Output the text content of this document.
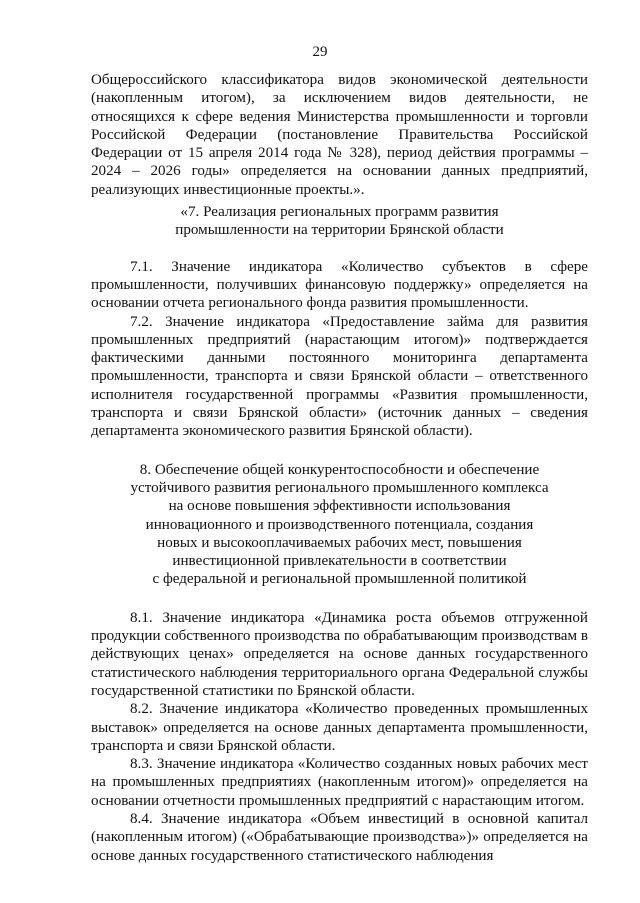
29

Общероссийского классификатора видов экономической деятельности (накопленным итогом), за исключением видов деятельности, не относящихся к сфере ведения Министерства промышленности и торговли Российской Федерации (постановление Правительства Российской Федерации от 15 апреля 2014 года № 328), период действия программы – 2024 – 2026 годы» определяется на основании данных предприятий, реализующих инвестиционные проекты.».

«7. Реализация региональных программ развития
промышленности на территории Брянской области

7.1. Значение индикатора «Количество субъектов в сфере промышленности, получивших финансовую поддержку» определяется на основании отчета регионального фонда развития промышленности.

7.2. Значение индикатора «Предоставление займа для развития промышленных предприятий (нарастающим итогом)» подтверждается фактическими данными постоянного мониторинга департамента промышленности, транспорта и связи Брянской области – ответственного исполнителя государственной программы «Развития промышленности, транспорта и связи Брянской области» (источник данных – сведения департамента экономического развития Брянской области).

8. Обеспечение общей конкурентоспособности и обеспечение
устойчивого развития регионального промышленного комплекса
на основе повышения эффективности использования
инновационного и производственного потенциала, создания
новых и высокооплачиваемых рабочих мест, повышения
инвестиционной привлекательности в соответствии
с федеральной и региональной промышленной политикой

8.1. Значение индикатора «Динамика роста объемов отгруженной продукции собственного производства по обрабатывающим производствам в действующих ценах» определяется на основе данных государственного статистического наблюдения территориального органа Федеральной службы государственной статистики по Брянской области.

8.2. Значение индикатора «Количество проведенных промышленных выставок» определяется на основе данных департамента промышленности, транспорта и связи Брянской области.

8.3. Значение индикатора «Количество созданных новых рабочих мест на промышленных предприятиях (накопленным итогом)» определяется на основании отчетности промышленных предприятий с нарастающим итогом.

8.4. Значение индикатора «Объем инвестиций в основной капитал (накопленным итогом) («Обрабатывающие производства»)» определяется на основе данных государственного статистического наблюдения
